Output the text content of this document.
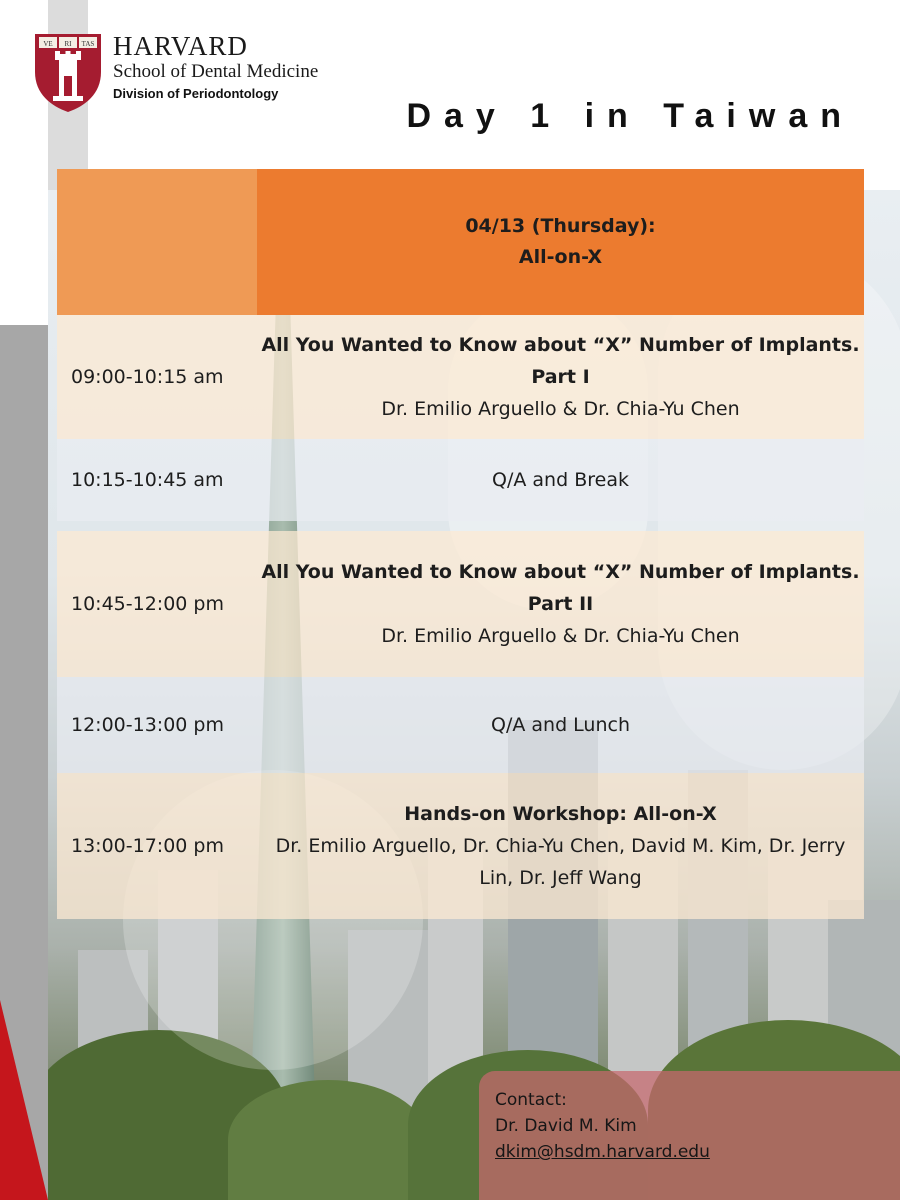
VE RI TAS HARVARD
School of Dental Medicine
Division of Periodontology
Day 1 in Taiwan
04/13 (Thursday):
All-on-X
09:00-10:15 am
All You Wanted to Know about “X” Number of Implants. Part I
Dr. Emilio Arguello & Dr. Chia-Yu Chen
10:15-10:45 am	Q/A and Break
10:45-12:00 pm
All You Wanted to Know about “X” Number of Implants. Part II
Dr. Emilio Arguello & Dr. Chia-Yu Chen
12:00-13:00 pm	Q/A and Lunch
13:00-17:00 pm
Hands-on Workshop: All-on-X
Dr. Emilio Arguello, Dr. Chia-Yu Chen, David M. Kim, Dr. Jerry Lin, Dr. Jeff Wang
Contact:
Dr. David M. Kim
dkim@hsdm.harvard.edu
